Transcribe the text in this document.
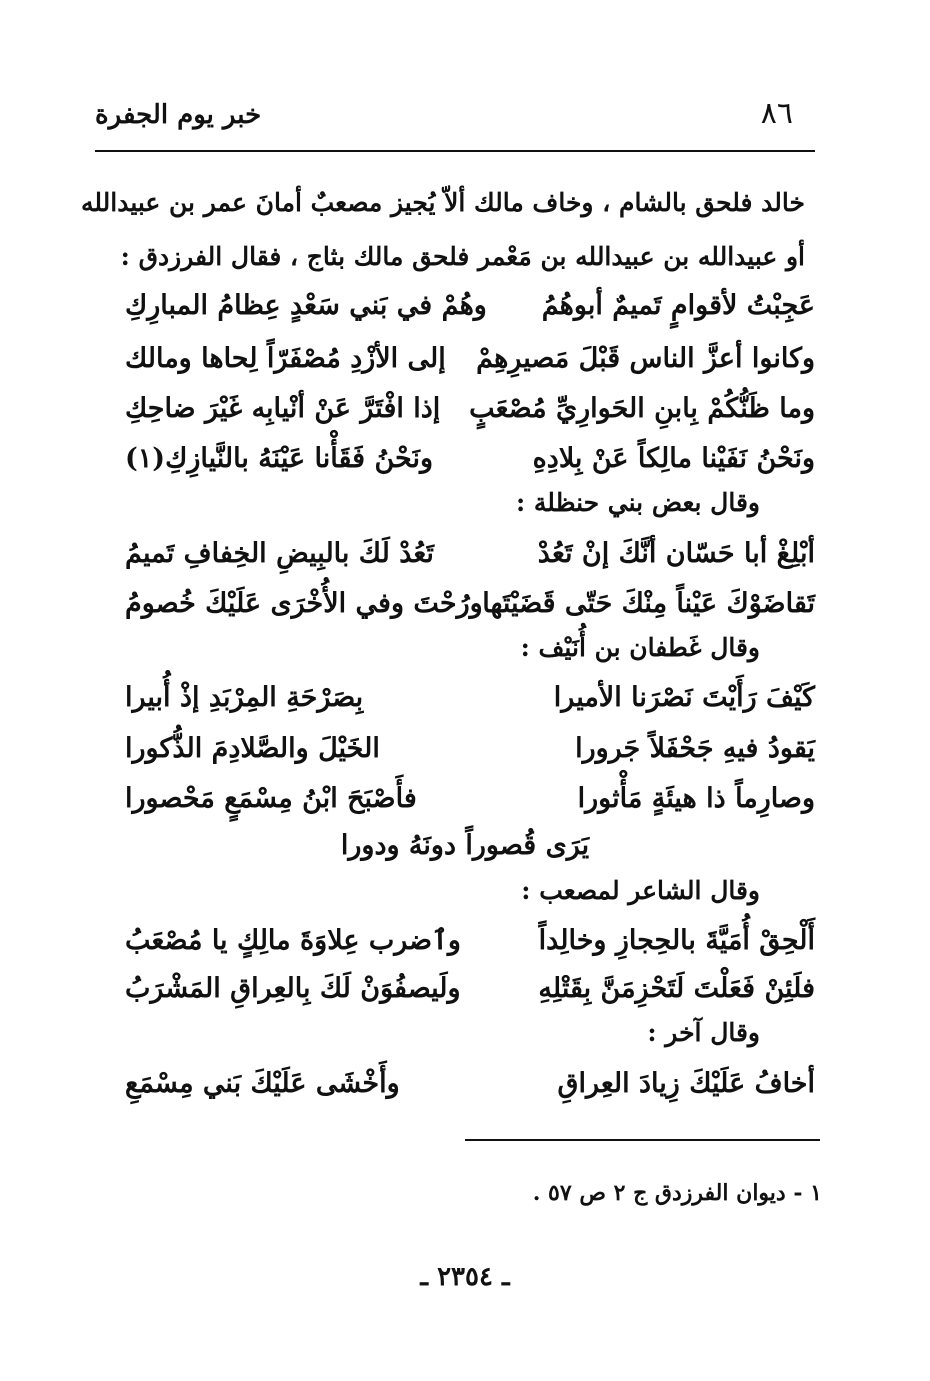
٨٦
خبر يوم الجفرة
خالد فلحق بالشام ، وخاف مالك ألاّ يُجيز مصعبٌ أمانَ عمر بن عبيدالله
أو عبيدالله بن عبيدالله بن مَعْمر فلحق مالك بثاج ، فقال الفرزدق :
عَجِبْتُ لأقوامٍ تَميمٌ أبوهُمُ
وهُمْ في بَني سَعْدٍ عِظامُ المبارِكِ
وكانوا أعزَّ الناس قَبْلَ مَصيرِهِمْ
إلى الأزْدِ مُصْفَرّاً لِحاها ومالك
وما ظَنُّكُمْ بِابنِ الحَوارِيِّ مُصْعَبٍ
إذا افْتَرَّ عَنْ أنْيابِه غَيْرَ ضاحِكِ
ونَحْنُ نَفَيْنا مالِكاً عَنْ بِلادِهِ
ونَحْنُ فَقَأْنا عَيْنَهُ بالنَّيازِكِ(١)
وقال بعض بني حنظلة :
أبْلِغْ أبا حَسّان أنَّكَ إنْ تَعُدْ
تَعُدْ لَكَ بالبِيضِ الخِفافِ تَميمُ
تَقاضَوْكَ عَيْناً مِنْكَ حَتّى قَضَيْتَها
ورُحْتَ وفي الأُخْرَى عَلَيْكَ خُصومُ
وقال غَطفان بن أُنَيْف :
كَيْفَ رَأَيْتَ نَصْرَنا الأميرا
بِصَرْحَةِ المِرْبَدِ إذْ أُبيرا
يَقودُ فيهِ جَحْفَلاً جَرورا
الخَيْلَ والصَّلادِمَ الذُّكورا
وصارِماً ذا هيئَةٍ مَأْثورا
فأَصْبَحَ ابْنُ مِسْمَعٍ مَحْصورا
يَرَى قُصوراً دونَهُ ودورا
وقال الشاعر لمصعب :
أَلْحِقْ أُمَيَّةَ بالحِجازِ وخالِداً
وٱضرب عِلاوَةَ مالِكٍ يا مُصْعَبُ
فلَئِنْ فَعَلْتَ لَتَحْزِمَنَّ بِقَتْلِهِ
ولَيصفُوَنْ لَكَ بِالعِراقِ المَشْرَبُ
وقال آخر :
أخافُ عَلَيْكَ زِيادَ العِراقِ
وأَخْشَى عَلَيْكَ بَني مِسْمَعِ
١ - ديوان الفرزدق ج ٢ ص ٥٧ .
ـ ٢٣٥٤ ـ
